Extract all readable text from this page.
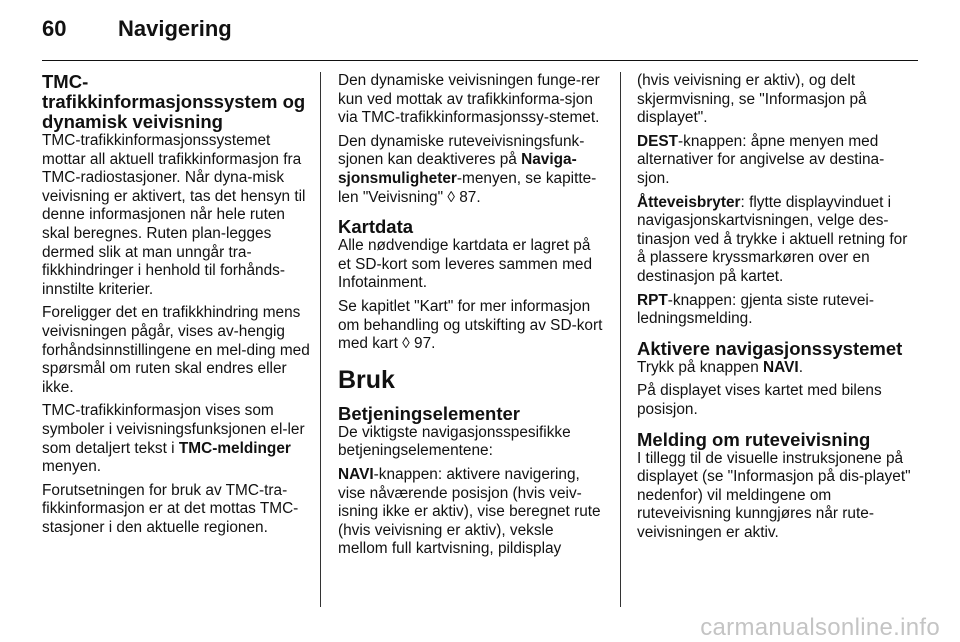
60 Navigering
TMC-trafikkinformasjonssystem og dynamisk veivisning

TMC-trafikkinformasjonssystemet mottar all aktuell trafikkinformasjon fra TMC-radiostasjoner. Når dyna-misk veivisning er aktivert, tas det hensyn til denne informasjonen når hele ruten skal beregnes. Ruten plan-legges dermed slik at man unngår tra-fikkhindringer i henhold til forhånds-innstilte kriterier.

Foreligger det en trafikkhindring mens veivisningen pågår, vises av-hengig forhåndsinnstillingene en mel-ding med spørsmål om ruten skal endres eller ikke.

TMC-trafikkinformasjon vises som symboler i veivisningsfunksjonen el-ler som detaljert tekst i TMC-meldinger menyen.

Forutsetningen for bruk av TMC-tra-fikkinformasjon er at det mottas TMC-stasjoner i den aktuelle regionen.

Den dynamiske veivisningen funge-rer kun ved mottak av trafikkinforma-sjon via TMC-trafikkinformasjonssy-stemet.

Den dynamiske ruteveivisningsfunk-sjonen kan deaktiveres på Naviga-sjonsmuligheter-menyen, se kapitte-len "Veivisning" ◊ 87.

Kartdata

Alle nødvendige kartdata er lagret på et SD-kort som leveres sammen med Infotainment.

Se kapitlet "Kart" for mer informasjon om behandling og utskifting av SD-kort med kart ◊ 97.

Bruk
Betjeningselementer

De viktigste navigasjonsspesifikke betjeningselementene:

NAVI-knappen: aktivere navigering, vise nåværende posisjon (hvis veiv-isning ikke er aktiv), vise beregnet rute (hvis veivisning er aktiv), veksle mellom full kartvisning, pildisplay

(hvis veivisning er aktiv), og delt skjermvisning, se "Informasjon på displayet".

DEST-knappen: åpne menyen med alternativer for angivelse av destina-sjon.

Åtteveisbryter: flytte displayvinduet i navigasjonskartvisningen, velge des-tinasjon ved å trykke i aktuell retning for å plassere kryssmarkøren over en destinasjon på kartet.

RPT-knappen: gjenta siste rutevei-ledningsmelding.

Aktivere navigasjonssystemet

Trykk på knappen NAVI.

På displayet vises kartet med bilens posisjon.

Melding om ruteveivisning

I tillegg til de visuelle instruksjonene på displayet (se "Informasjon på dis-playet" nedenfor) vil meldingene om ruteveivisning kunngjøres når rute-veivisningen er aktiv.

carmanualsonline.info
